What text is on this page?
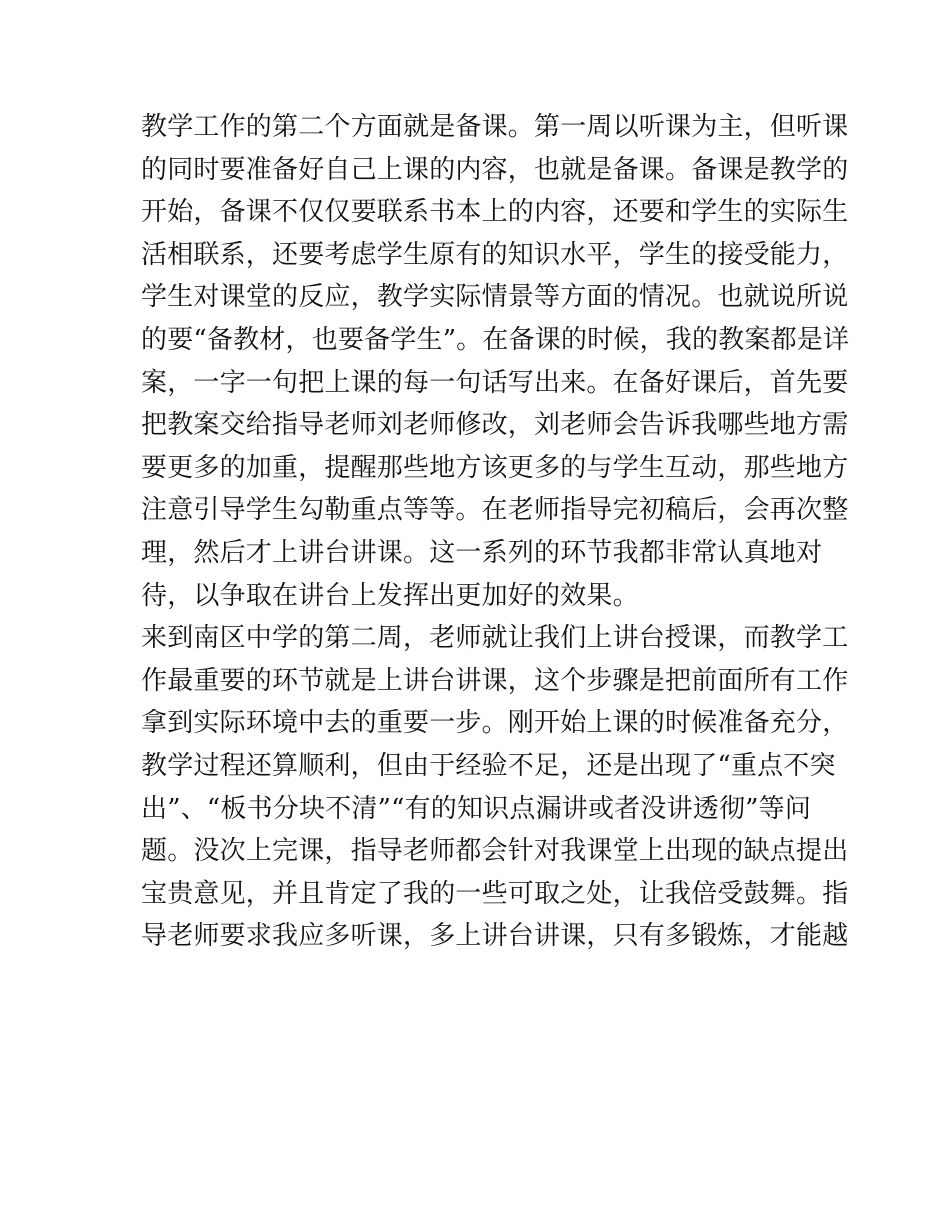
教学工作的第二个方面就是备课。第一周以听课为主，但听课
的同时要准备好自己上课的内容，也就是备课。备课是教学的
开始，备课不仅仅要联系书本上的内容，还要和学生的实际生
活相联系，还要考虑学生原有的知识水平，学生的接受能力，
学生对课堂的反应，教学实际情景等方面的情况。也就说所说
的要“备教材，也要备学生”。在备课的时候，我的教案都是详
案，一字一句把上课的每一句话写出来。在备好课后，首先要
把教案交给指导老师刘老师修改，刘老师会告诉我哪些地方需
要更多的加重，提醒那些地方该更多的与学生互动，那些地方
注意引导学生勾勒重点等等。在老师指导完初稿后，会再次整
理，然后才上讲台讲课。这一系列的环节我都非常认真地对
待，以争取在讲台上发挥出更加好的效果。
来到南区中学的第二周，老师就让我们上讲台授课，而教学工
作最重要的环节就是上讲台讲课，这个步骤是把前面所有工作
拿到实际环境中去的重要一步。刚开始上课的时候准备充分，
教学过程还算顺利，但由于经验不足，还是出现了“重点不突
出”、“板书分块不清”“有的知识点漏讲或者没讲透彻”等问
题。没次上完课，指导老师都会针对我课堂上出现的缺点提出
宝贵意见，并且肯定了我的一些可取之处，让我倍受鼓舞。指
导老师要求我应多听课，多上讲台讲课，只有多锻炼，才能越
